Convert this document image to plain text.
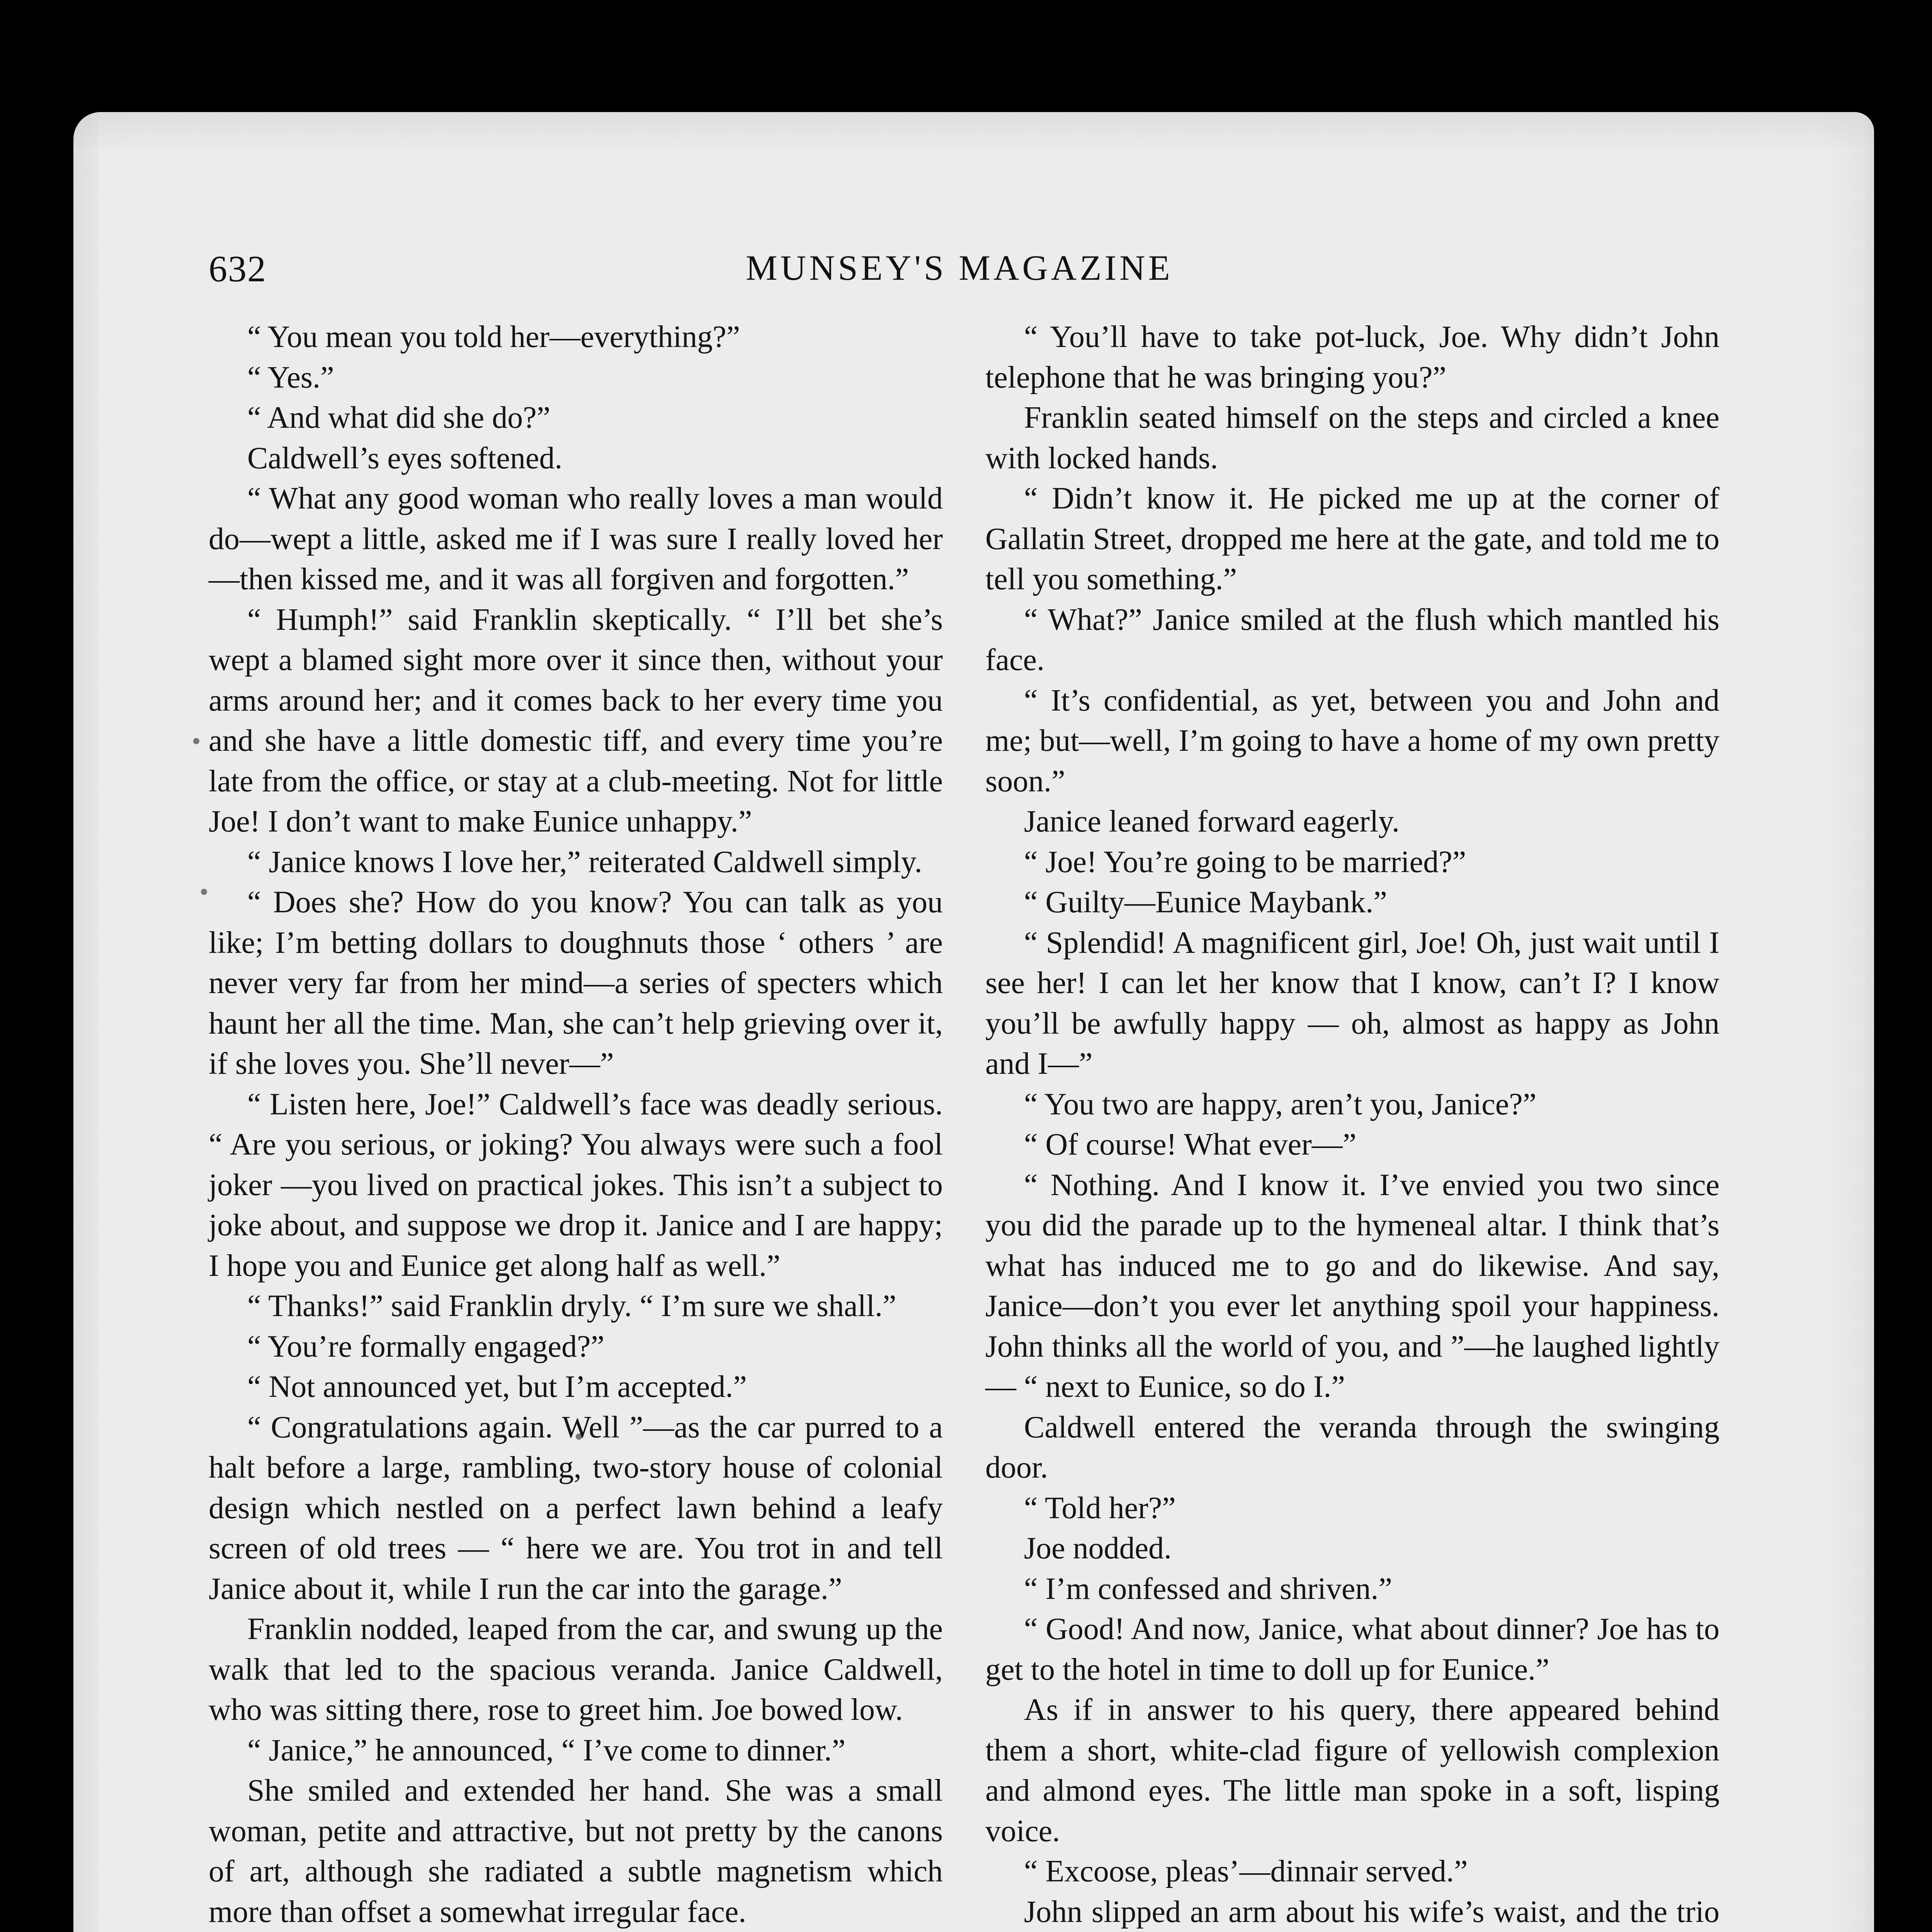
632	MUNSEY'S MAGAZINE

“ You mean you told her—everything?”

“ Yes.”

“ And what did she do?”

Caldwell’s eyes softened.

“ What any good woman who really loves a man would do—wept a little, asked me if I was sure I really loved her—then kissed me, and it was all forgiven and forgotten.”

“ Humph!” said Franklin skeptically. “ I’ll bet she’s wept a blamed sight more over it since then, without your arms around her; and it comes back to her every time you and she have a little domestic tiff, and every time you’re late from the office, or stay at a club-meeting. Not for little Joe! I don’t want to make Eunice unhappy.”

“ Janice knows I love her,” reiterated Caldwell simply.

“ Does she? How do you know? You can talk as you like; I’m betting dollars to doughnuts those ‘ others ’ are never very far from her mind—a series of specters which haunt her all the time. Man, she can’t help grieving over it, if she loves you. She’ll never—”

“ Listen here, Joe!” Caldwell’s face was deadly serious. “ Are you serious, or joking? You always were such a fool joker —you lived on practical jokes. This isn’t a subject to joke about, and suppose we drop it. Janice and I are happy; I hope you and Eunice get along half as well.”

“ Thanks!” said Franklin dryly. “ I’m sure we shall.”

“ You’re formally engaged?”

“ Not announced yet, but I’m accepted.”

“ Congratulations again. Well ”—as the car purred to a halt before a large, rambling, two-story house of colonial design which nestled on a perfect lawn behind a leafy screen of old trees — “ here we are. You trot in and tell Janice about it, while I run the car into the garage.”

Franklin nodded, leaped from the car, and swung up the walk that led to the spacious veranda. Janice Caldwell, who was sitting there, rose to greet him. Joe bowed low.

“ Janice,” he announced, “ I’ve come to dinner.”

She smiled and extended her hand. She was a small woman, petite and attractive, but not pretty by the canons of art, although she radiated a subtle magnetism which more than offset a somewhat irregular face.

“ You’ll have to take pot-luck, Joe. Why didn’t John telephone that he was bringing you?”

Franklin seated himself on the steps and circled a knee with locked hands.

“ Didn’t know it. He picked me up at the corner of Gallatin Street, dropped me here at the gate, and told me to tell you something.”

“ What?” Janice smiled at the flush which mantled his face.

“ It’s confidential, as yet, between you and John and me; but—well, I’m going to have a home of my own pretty soon.”

Janice leaned forward eagerly.

“ Joe! You’re going to be married?”

“ Guilty—Eunice Maybank.”

“ Splendid! A magnificent girl, Joe! Oh, just wait until I see her! I can let her know that I know, can’t I? I know you’ll be awfully happy — oh, almost as happy as John and I—”

“ You two are happy, aren’t you, Janice?”

“ Of course! What ever—”

“ Nothing. And I know it. I’ve envied you two since you did the parade up to the hymeneal altar. I think that’s what has induced me to go and do likewise. And say, Janice—don’t you ever let anything spoil your happiness. John thinks all the world of you, and ”—he laughed lightly— “ next to Eunice, so do I.”

Caldwell entered the veranda through the swinging door.

“ Told her?”

Joe nodded.

“ I’m confessed and shriven.”

“ Good! And now, Janice, what about dinner? Joe has to get to the hotel in time to doll up for Eunice.”

As if in answer to his query, there appeared behind them a short, white-clad figure of yellowish complexion and almond eyes. The little man spoke in a soft, lisping voice.

“ Excoose, pleas’—dinnair served.”

John slipped an arm about his wife’s waist, and the trio
